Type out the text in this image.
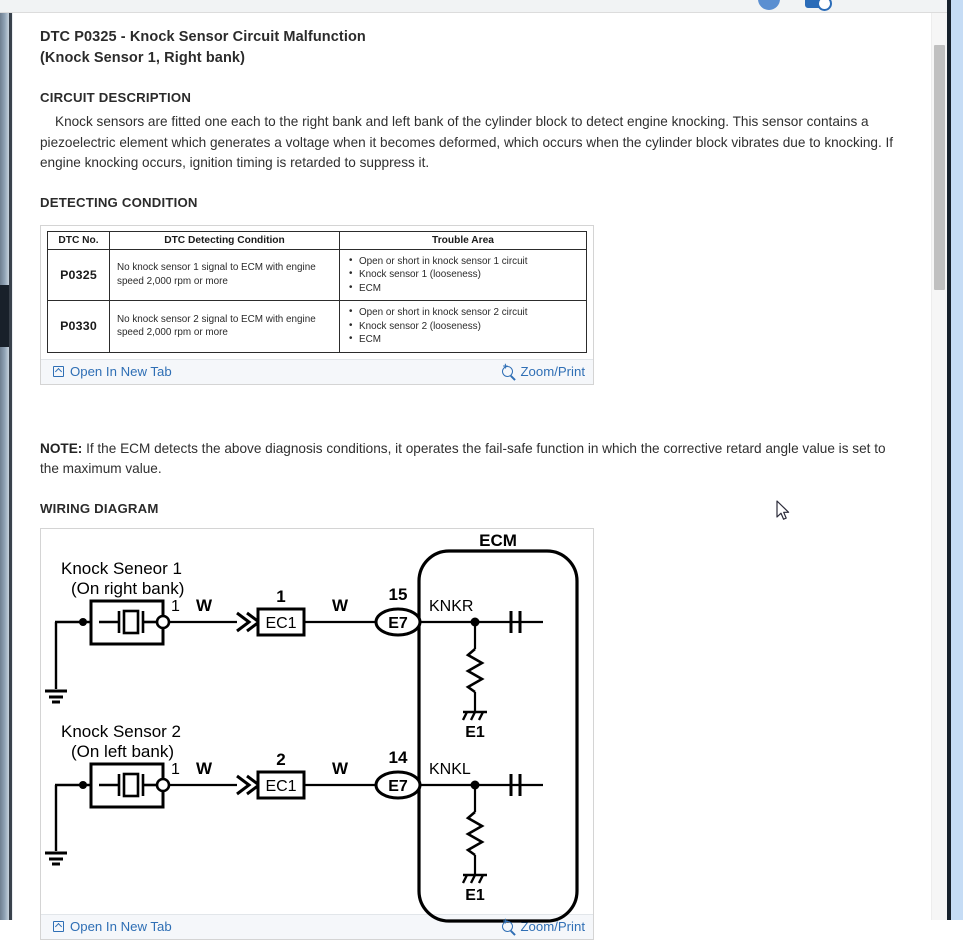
DTC P0325 - Knock Sensor Circuit Malfunction
(Knock Sensor 1, Right bank)
CIRCUIT DESCRIPTION
Knock sensors are fitted one each to the right bank and left bank of the cylinder block to detect engine knocking. This sensor contains a piezoelectric element which generates a voltage when it becomes deformed, which occurs when the cylinder block vibrates due to knocking. If engine knocking occurs, ignition timing is retarded to suppress it.
DETECTING CONDITION
DTC No.	DTC Detecting Condition	Trouble Area
P0325	No knock sensor 1 signal to ECM with engine speed 2,000 rpm or more	
• Open or short in knock sensor 1 circuit
• Knock sensor 1 (looseness)
• ECM

P0330	No knock sensor 2 signal to ECM with engine speed 2,000 rpm or more	
• Open or short in knock sensor 2 circuit
• Knock sensor 2 (looseness)
• ECM
Open In New Tab +	Zoom/Print
NOTE: If the ECM detects the above diagnosis conditions, it operates the fail-safe function in which the corrective retard angle value is set to the maximum value.
WIRING DIAGRAM
ECM
Knock Seneor 1
(On right bank)
1 W
EC1
1	W
E7
15
KNKR
E1
Knock Sensor 2
(On left bank)
1 W
EC1
2	W
E7
14
KNKL
E1
Open In New Tab +	Zoom/Print
